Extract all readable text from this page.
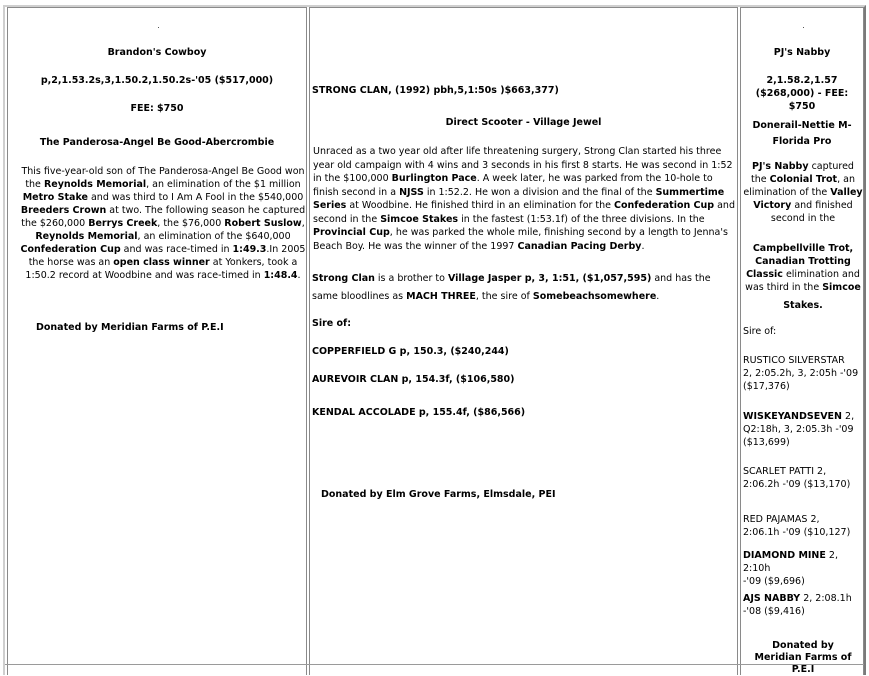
Brandon's Cowboy
p,2,1.53.2s,3,1.50.2,1.50.2s-'05 ($517,000)
FEE: $750
The Panderosa-Angel Be Good-Abercrombie
This five-year-old son of The Panderosa-Angel Be Good won the Reynolds Memorial, an elimination of the $1 million Metro Stake and was third to I Am A Fool in the $540,000 Breeders Crown at two. The following season he captured the $260,000 Berrys Creek, the $76,000 Robert Suslow, Reynolds Memorial, an elimination of the $640,000 Confederation Cup and was race-timed in 1:49.3.In 2005 the horse was an open class winner at Yonkers, took a 1:50.2 record at Woodbine and was race-timed in 1:48.4.
Donated by Meridian Farms of P.E.I
STRONG CLAN, (1992) pbh,5,1:50s )$663,377)
Direct Scooter - Village Jewel
Unraced as a two year old after life threatening surgery, Strong Clan started his three year old campaign with 4 wins and 3 seconds in his first 8 starts. He was second in 1:52 in the $100,000 Burlington Pace. A week later, he was parked from the 10-hole to finish second in a NJSS in 1:52.2. He won a division and the final of the Summertime Series at Woodbine. He finished third in an elimination for the Confederation Cup and second in the Simcoe Stakes in the fastest (1:53.1f) of the three divisions. In the Provincial Cup, he was parked the whole mile, finishing second by a length to Jenna's Beach Boy. He was the winner of the 1997 Canadian Pacing Derby.
Strong Clan is a brother to Village Jasper p, 3, 1:51, ($1,057,595) and has the same bloodlines as MACH THREE, the sire of Somebeachsomewhere.
Sire of:
COPPERFIELD G p, 150.3, ($240,244)
AUREVOIR CLAN p, 154.3f, ($106,580)
KENDAL ACCOLADE p, 155.4f, ($86,566)
Donated by Elm Grove Farms, Elmsdale, PEI
PJ's Nabby
2,1.58.2,1.57 ($268,000) - FEE: $750
Donerail-Nettie M-Florida Pro
PJ's Nabby captured the Colonial Trot, an elimination of the Valley Victory and finished second in the
Campbellville Trot, Canadian Trotting Classic elimination and was third in the Simcoe
Stakes.
Sire of:
RUSTICO SILVERSTAR
2, 2:05.2h, 3, 2:05h -'09
($17,376)
WISKEYANDSEVEN 2,
Q2:18h, 3, 2:05.3h -'09
($13,699)
SCARLET PATTI 2,
2:06.2h -'09 ($13,170)
RED PAJAMAS 2,
2:06.1h -'09 ($10,127)
DIAMOND MINE 2, 2:10h
-'09 ($9,696)
AJS NABBY 2, 2:08.1h
-'08 ($9,416)
Donated by
Meridian Farms of P.E.I
